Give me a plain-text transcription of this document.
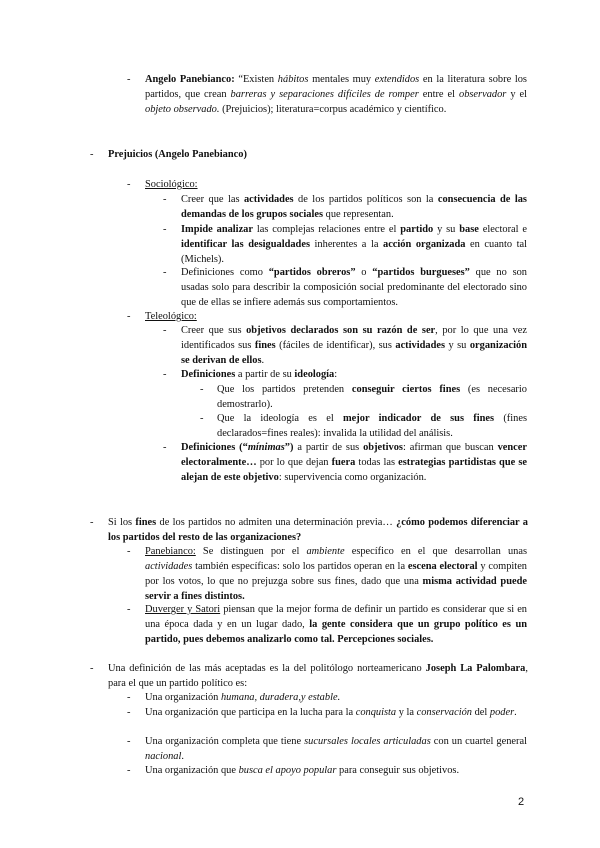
- Angelo Panebianco: “Existen hábitos mentales muy extendidos en la literatura sobre los partidos, que crean barreras y separaciones difíciles de romper entre el observador y el objeto observado. (Prejuicios); literatura=corpus académico y científico.

- Prejuicios (Angelo Panebianco)

- Sociológico:
- Creer que las actividades de los partidos políticos son la consecuencia de las demandas de los grupos sociales que representan.

- Impide analizar las complejas relaciones entre el partido y su base electoral e identificar las desigualdades inherentes a la acción organizada en cuanto tal (Michels).

- Definiciones como “partidos obreros” o “partidos burgueses” que no son usadas solo para describir la composición social predominante del electorado sino que de ellas se infiere además sus comportamientos.

- Teleológico:
- Creer que sus objetivos declarados son su razón de ser, por lo que una vez identificados sus fines (fáciles de identificar), sus actividades y su organización se derivan de ellos.

- Definiciones a partir de su ideología:

- Que los partidos pretenden conseguir ciertos fines (es necesario demostrarlo).

- Que la ideología es el mejor indicador de sus fines (fines declarados=fines reales): invalida la utilidad del análisis.

- Definiciones (“mínimas”) a partir de sus objetivos: afirman que buscan vencer electoralmente… por lo que dejan fuera todas las estrategias partidistas que se alejan de este objetivo: supervivencia como organización.

- Si los fines de los partidos no admiten una determinación previa… ¿cómo podemos diferenciar a los partidos del resto de las organizaciones?

- Panebianco: Se distinguen por el ambiente específico en el que desarrollan unas actividades también específicas: solo los partidos operan en la escena electoral y compiten por los votos, lo que no prejuzga sobre sus fines, dado que una misma actividad puede servir a fines distintos.

- Duverger y Satori piensan que la mejor forma de definir un partido es considerar que si en una época dada y en un lugar dado, la gente considera que un grupo político es un partido, pues debemos analizarlo como tal. Percepciones sociales.

- Una definición de las más aceptadas es la del politólogo norteamericano Joseph La Palombara, para el que un partido político es:

- Una organización humana, duradera,y estable.

- Una organización que participa en la lucha para la conquista y la conservación del poder.

- Una organización completa que tiene sucursales locales articuladas con un cuartel general nacional.

- Una organización que busca el apoyo popular para conseguir sus objetivos.

2
